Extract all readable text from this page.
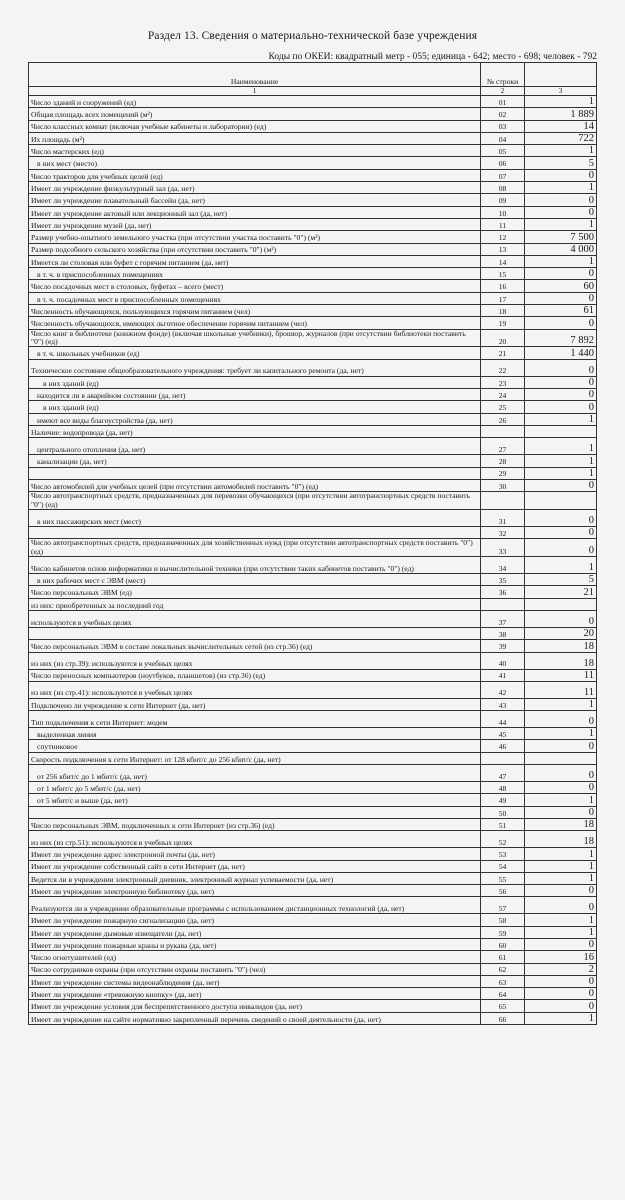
Раздел 13. Сведения о материально-технической базе учреждения
Коды по ОКЕИ: квадратный метр - 055; единица - 642; место - 698; человек - 792
Наименование	№ строки	
1	2	3
Число зданий и сооружений (ед)	01	1
Общая площадь всех помещений (м²)	02	1 889
Число классных комнат (включая учебные кабинеты и лаборатории) (ед)	03	14
Их площадь (м²)	04	722
Число мастерских (ед)	05	1
в них мест (место)	06	5
Число тракторов для учебных целей (ед)	07	0
Имеет ли учреждение физкультурный зал (да, нет)	08	1
Имеет ли учреждение плавательный бассейн (да, нет)	09	0
Имеет ли учреждение актовый или лекционный зал (да, нет)	10	0
Имеет ли учреждение музей (да, нет)	11	1
Размер учебно-опытного земельного участка (при отсутствии участка поставить "0") (м²)	12	7 500
Размер подсобного сельского хозяйства (при отсутствии поставить "0") (м²)	13	4 000
Имеется ли столовая или буфет с горячим питанием (да, нет)	14	1
в т. ч. в приспособленных помещениях	15	0
Число посадочных мест в столовых, буфетах – всего (мест)	16	60
в т. ч. посадочных мест в приспособленных помещениях	17	0
Численность обучающихся, пользующихся горячим питанием (чел)	18	61
Численность обучающихся, имеющих льготное обеспечение горячим питанием (чел)	19	0
Число книг в библиотеке (книжном фонде) (включая школьные учебники), брошюр, журналов (при отсутствии библиотеки поставить "0") (ед)	20	7 892
в т. ч. школьных учебников (ед)	21	1 440
Техническое состояние общеобразовательного учреждения: требует ли капитального ремонта (да, нет)	22	0
в них зданий (ед)	23	0
находится ли в аварийном состоянии (да, нет)	24	0
в них зданий (ед)	25	0
имеют все виды благоустройства (да, нет)	26	1
Наличие: водопровода (да, нет)		
центрального отопления (да, нет)	27	1
канализации (да, нет)	28	1
	29	1
Число автомобилей для учебных целей (при отсутствии автомобилей поставить "0") (ед)	30	0
Число автотранспортных средств, предназначенных для перевозки обучающихся (при отсутствии автотранспортных средств поставить "0") (ед)		
в них пассажирских мест (мест)	31	0
	32	0
Число автотранспортных средств, предназначенных для хозяйственных нужд (при отсутствии автотранспортных средств поставить "0") (ед)	33	0
Число кабинетов основ информатики и вычислительной техники (при отсутствии таких кабинетов поставить "0") (ед)	34	1
в них рабочих мест с ЭВМ (мест)	35	5
Число персональных ЭВМ (ед)	36	21
из них: приобретенных за последний год		
используются в учебных целях	37	0
	38	20
Число персональных ЭВМ в составе локальных вычислительных сетей (из стр.36) (ед)	39	18
из них (из стр.39): используются в учебных целях	40	18
Число переносных компьютеров (ноутбуков, планшетов) (из стр.36) (ед)	41	11
из них (из стр.41): используются в учебных целях	42	11
Подключено ли учреждение к сети Интернет (да, нет)	43	1
Тип подключения к сети Интернет: модем	44	0
выделенная линия	45	1
спутниковое	46	0
Скорость подключения к сети Интернет: от 128 кбит/с до 256 кбит/с (да, нет)		
от 256 кбит/с до 1 мбит/с (да, нет)	47	0
от 1 мбит/с до 5 мбит/с (да, нет)	48	0
от 5 мбит/с и выше (да, нет)	49	1
	50	0
Число персональных ЭВМ, подключенных к сети Интернет (из стр.36) (ед)	51	18
из них (из стр.51): используются в учебных целях	52	18
Имеет ли учреждение адрес электронной почты (да, нет)	53	1
Имеет ли учреждение собственный сайт в сети Интернет (да, нет)	54	1
Ведется ли в учреждении электронный дневник, электронный журнал успеваемости (да, нет)	55	1
Имеет ли учреждение электронную библиотеку (да, нет)	56	0
Реализуются ли в учреждении образовательные программы с использованием дистанционных технологий (да, нет)	57	0
Имеет ли учреждение пожарную сигнализацию (да, нет)	58	1
Имеет ли учреждение дымовые извещатели (да, нет)	59	1
Имеет ли учреждение пожарные краны и рукава (да, нет)	60	0
Число огнетушителей (ед)	61	16
Число сотрудников охраны (при отсутствии охраны поставить "0") (чел)	62	2
Имеет ли учреждение системы видеонаблюдения (да, нет)	63	0
Имеет ли учреждение «тревожную кнопку» (да, нет)	64	0
Имеет ли учреждение условия для беспрепятственного доступа инвалидов (да, нет)	65	0
Имеет ли учреждение на сайте нормативно закрепленный перечень сведений о своей деятельности (да, нет)	66	1
